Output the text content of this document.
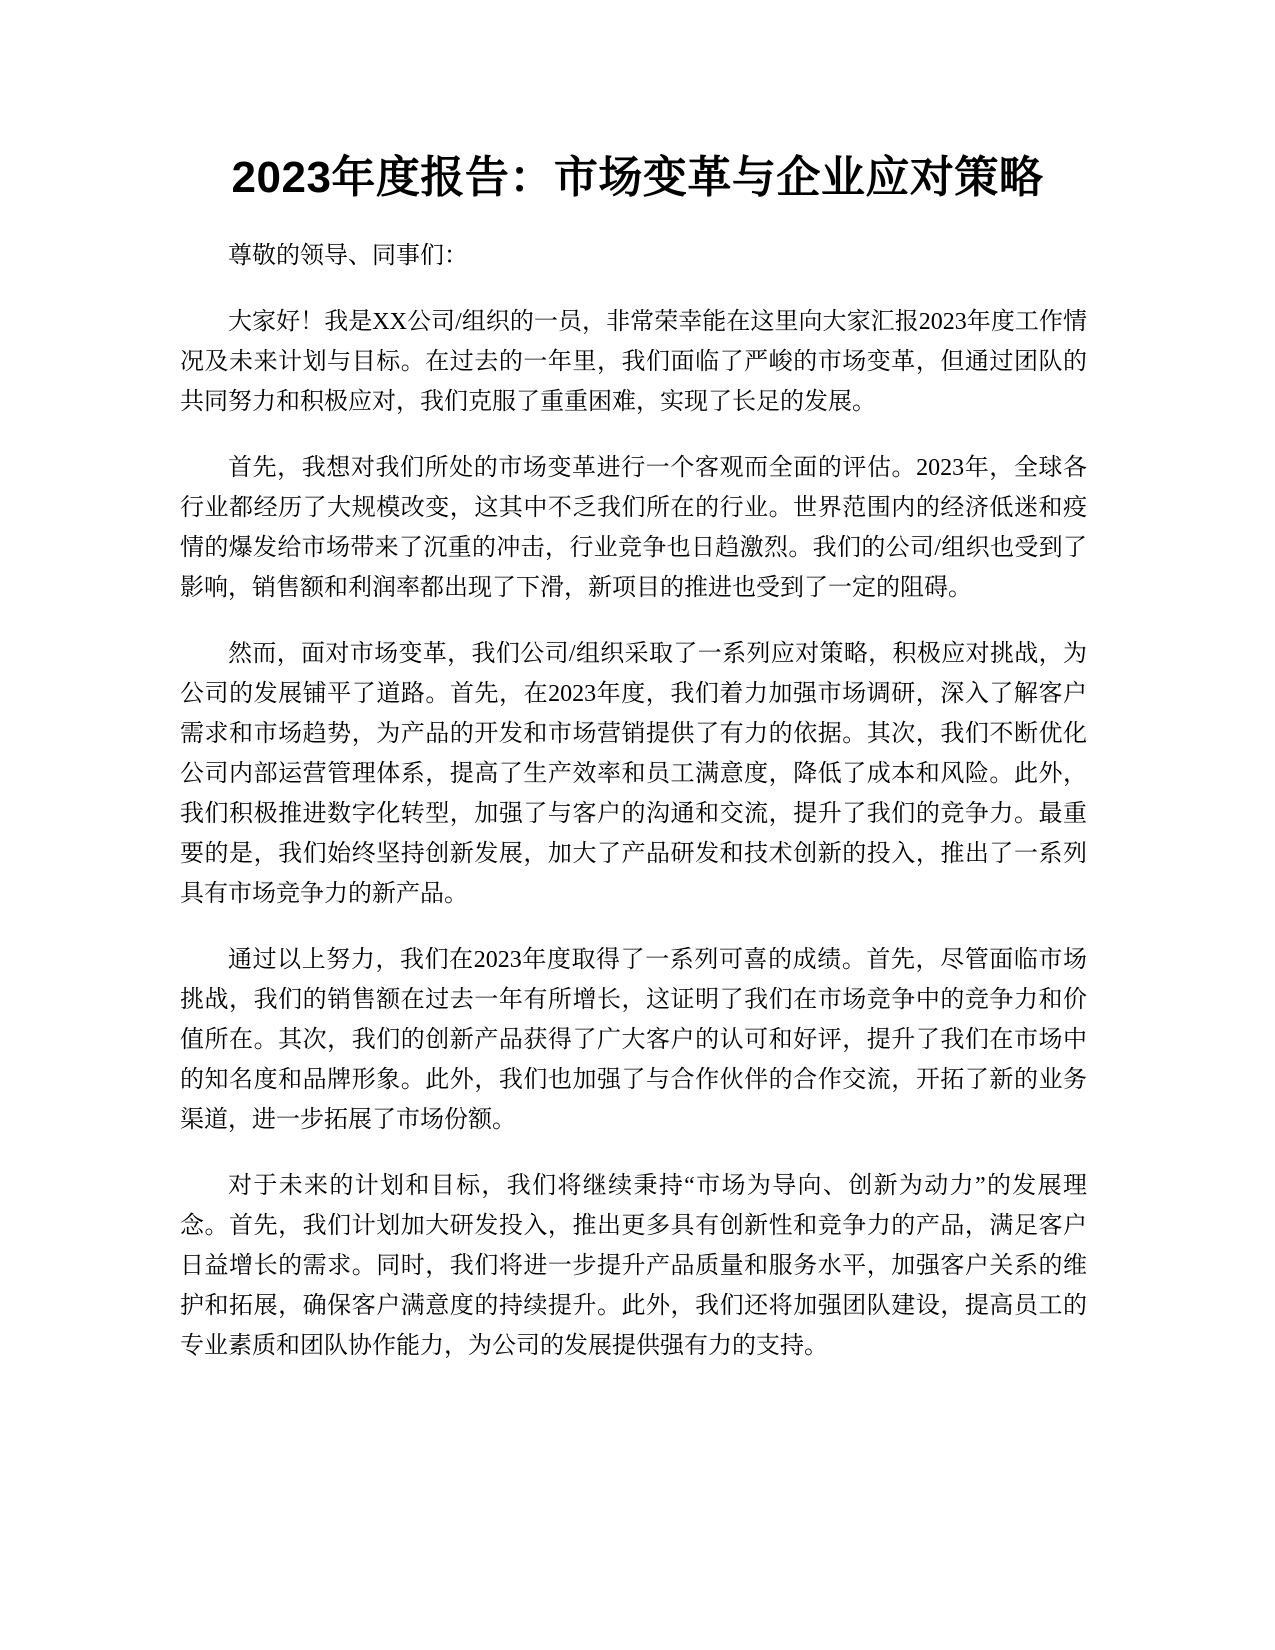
2023年度报告：市场变革与企业应对策略

尊敬的领导、同事们：

大家好！我是XX公司/组织的一员，非常荣幸能在这里向大家汇报2023年度工作情况及未来计划与目标。在过去的一年里，我们面临了严峻的市场变革，但通过团队的共同努力和积极应对，我们克服了重重困难，实现了长足的发展。

首先，我想对我们所处的市场变革进行一个客观而全面的评估。2023年，全球各行业都经历了大规模改变，这其中不乏我们所在的行业。世界范围内的经济低迷和疫情的爆发给市场带来了沉重的冲击，行业竞争也日趋激烈。我们的公司/组织也受到了影响，销售额和利润率都出现了下滑，新项目的推进也受到了一定的阻碍。

然而，面对市场变革，我们公司/组织采取了一系列应对策略，积极应对挑战，为公司的发展铺平了道路。首先，在2023年度，我们着力加强市场调研，深入了解客户需求和市场趋势，为产品的开发和市场营销提供了有力的依据。其次，我们不断优化公司内部运营管理体系，提高了生产效率和员工满意度，降低了成本和风险。此外，我们积极推进数字化转型，加强了与客户的沟通和交流，提升了我们的竞争力。最重要的是，我们始终坚持创新发展，加大了产品研发和技术创新的投入，推出了一系列具有市场竞争力的新产品。

通过以上努力，我们在2023年度取得了一系列可喜的成绩。首先，尽管面临市场挑战，我们的销售额在过去一年有所增长，这证明了我们在市场竞争中的竞争力和价值所在。其次，我们的创新产品获得了广大客户的认可和好评，提升了我们在市场中的知名度和品牌形象。此外，我们也加强了与合作伙伴的合作交流，开拓了新的业务渠道，进一步拓展了市场份额。

对于未来的计划和目标，我们将继续秉持“市场为导向、创新为动力”的发展理念。首先，我们计划加大研发投入，推出更多具有创新性和竞争力的产品，满足客户日益增长的需求。同时，我们将进一步提升产品质量和服务水平，加强客户关系的维护和拓展，确保客户满意度的持续提升。此外，我们还将加强团队建设，提高员工的专业素质和团队协作能力，为公司的发展提供强有力的支持。
